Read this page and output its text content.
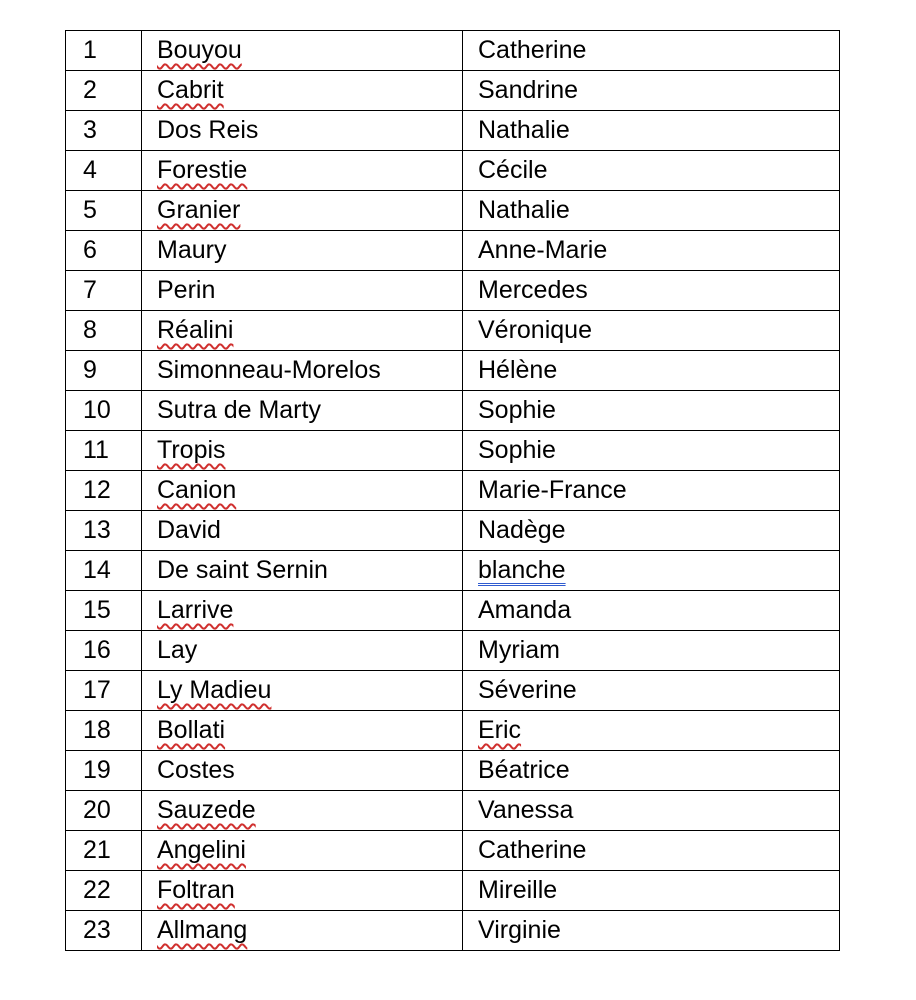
1	Bouyou	Catherine
2	Cabrit	Sandrine
3	Dos Reis	Nathalie
4	Forestie	Cécile
5	Granier	Nathalie
6	Maury	Anne-Marie
7	Perin	Mercedes
8	Réalini	Véronique
9	Simonneau-Morelos	Hélène
10	Sutra de Marty	Sophie
11	Tropis	Sophie
12	Canion	Marie-France
13	David	Nadège
14	De saint Sernin	blanche
15	Larrive	Amanda
16	Lay	Myriam
17	Ly Madieu	Séverine
18	Bollati	Eric
19	Costes	Béatrice
20	Sauzede	Vanessa
21	Angelini	Catherine
22	Foltran	Mireille
23	Allmang	Virginie
